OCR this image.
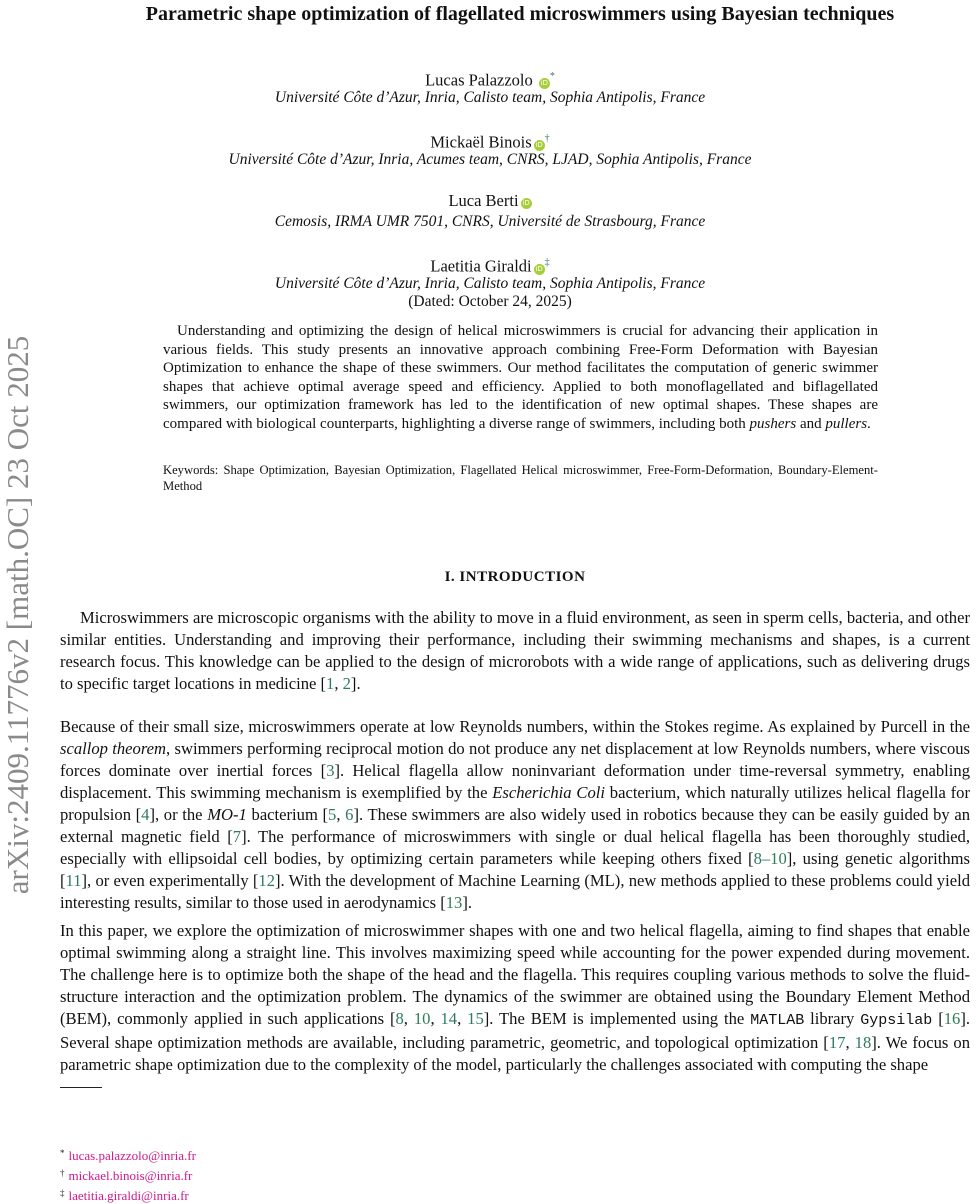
arXiv:2409.11776v2 [math.OC] 23 Oct 2025
Parametric shape optimization of flagellated microswimmers using Bayesian techniques
Lucas Palazzolo iD*
Université Côte d’Azur, Inria, Calisto team, Sophia Antipolis, France
Mickaël Binois iD†
Université Côte d’Azur, Inria, Acumes team, CNRS, LJAD, Sophia Antipolis, France
Luca Berti iD
Cemosis, IRMA UMR 7501, CNRS, Université de Strasbourg, France
Laetitia Giraldi iD‡
Université Côte d’Azur, Inria, Calisto team, Sophia Antipolis, France
(Dated: October 24, 2025)
Understanding and optimizing the design of helical microswimmers is crucial for advancing their application in various fields. This study presents an innovative approach combining Free-Form Deformation with Bayesian Optimization to enhance the shape of these swimmers. Our method facilitates the computation of generic swimmer shapes that achieve optimal average speed and efficiency. Applied to both monoflagellated and biflagellated swimmers, our optimization framework has led to the identification of new optimal shapes. These shapes are compared with biological counterparts, highlighting a diverse range of swimmers, including both pushers and pullers.
Keywords: Shape Optimization, Bayesian Optimization, Flagellated Helical microswimmer, Free-Form-Deformation, Boundary-Element-Method
I. INTRODUCTION
Microswimmers are microscopic organisms with the ability to move in a fluid environment, as seen in sperm cells, bacteria, and other similar entities. Understanding and improving their performance, including their swimming mechanisms and shapes, is a current research focus. This knowledge can be applied to the design of microrobots with a wide range of applications, such as delivering drugs to specific target locations in medicine [1, 2].
Because of their small size, microswimmers operate at low Reynolds numbers, within the Stokes regime. As explained by Purcell in the scallop theorem, swimmers performing reciprocal motion do not produce any net displacement at low Reynolds numbers, where viscous forces dominate over inertial forces [3]. Helical flagella allow noninvariant deformation under time-reversal symmetry, enabling displacement. This swimming mechanism is exemplified by the Escherichia Coli bacterium, which naturally utilizes helical flagella for propulsion [4], or the MO-1 bacterium [5, 6]. These swimmers are also widely used in robotics because they can be easily guided by an external magnetic field [7]. The performance of microswimmers with single or dual helical flagella has been thoroughly studied, especially with ellipsoidal cell bodies, by optimizing certain parameters while keeping others fixed [8–10], using genetic algorithms [11], or even experimentally [12]. With the development of Machine Learning (ML), new methods applied to these problems could yield interesting results, similar to those used in aerodynamics [13].
In this paper, we explore the optimization of microswimmer shapes with one and two helical flagella, aiming to find shapes that enable optimal swimming along a straight line. This involves maximizing speed while accounting for the power expended during movement. The challenge here is to optimize both the shape of the head and the flagella. This requires coupling various methods to solve the fluid-structure interaction and the optimization problem. The dynamics of the swimmer are obtained using the Boundary Element Method (BEM), commonly applied in such applications [8, 10, 14, 15]. The BEM is implemented using the MATLAB library Gypsilab [16]. Several shape optimization methods are available, including parametric, geometric, and topological optimization [17, 18]. We focus on parametric shape optimization due to the complexity of the model, particularly the challenges associated with computing the shape
* lucas.palazzolo@inria.fr
† mickael.binois@inria.fr
‡ laetitia.giraldi@inria.fr
